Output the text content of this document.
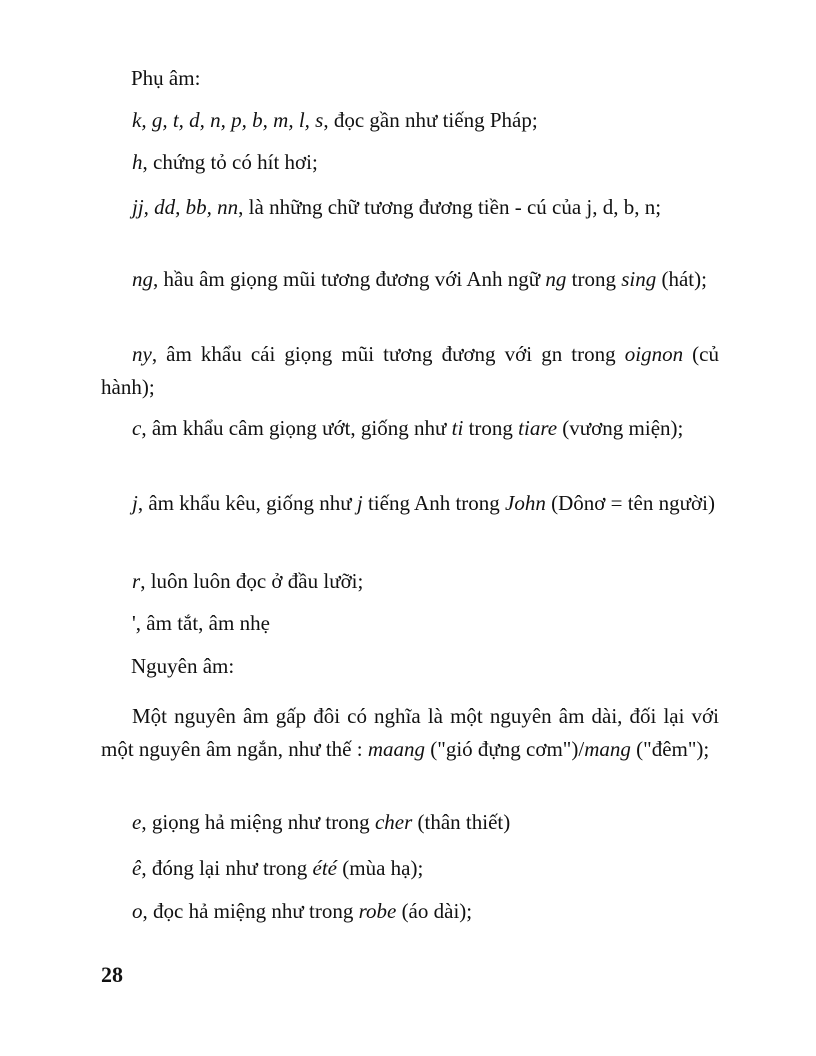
Phụ âm:
k, g, t, d, n, p, b, m, l, s, đọc gần như tiếng Pháp;
h, chứng tỏ có hít hơi;
jj, dd, bb, nn, là những chữ tương đương tiền - cú của j, d, b, n;
ng, hầu âm giọng mũi tương đương với Anh ngữ ng trong sing (hát);
ny, âm khẩu cái giọng mũi tương đương với gn trong oignon (củ hành);
c, âm khẩu câm giọng ướt, giống như ti trong tiare (vương miện);
j, âm khẩu kêu, giống như j tiếng Anh trong John (Dônơ = tên người)
r, luôn luôn đọc ở đầu lưỡi;
', âm tắt, âm nhẹ
Nguyên âm:
Một nguyên âm gấp đôi có nghĩa là một nguyên âm dài, đối lại với một nguyên âm ngắn, như thế : maang ("gió đựng cơm")/mang ("đêm");
e, giọng hả miệng như trong cher (thân thiết)
ê, đóng lại như trong été (mùa hạ);
o, đọc hả miệng như trong robe (áo dài);
28
